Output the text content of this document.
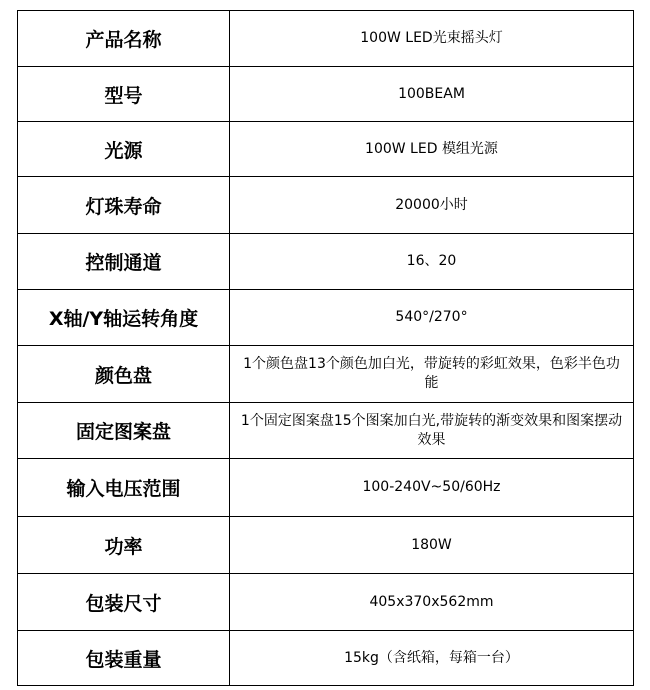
产品名称	100W LED光束摇头灯
型号	100BEAM
光源	100W LED 模组光源
灯珠寿命	20000小时
控制通道	16、20
X轴/Y轴运转角度	540°/270°
颜色盘	1个颜色盘13个颜色加白光，带旋转的彩虹效果，色彩半色功能
固定图案盘	1个固定图案盘15个图案加白光,带旋转的渐变效果和图案摆动效果
输入电压范围	100-240V~50/60Hz
功率	180W
包装尺寸	405x370x562mm
包装重量	15kg（含纸箱，每箱一台）
